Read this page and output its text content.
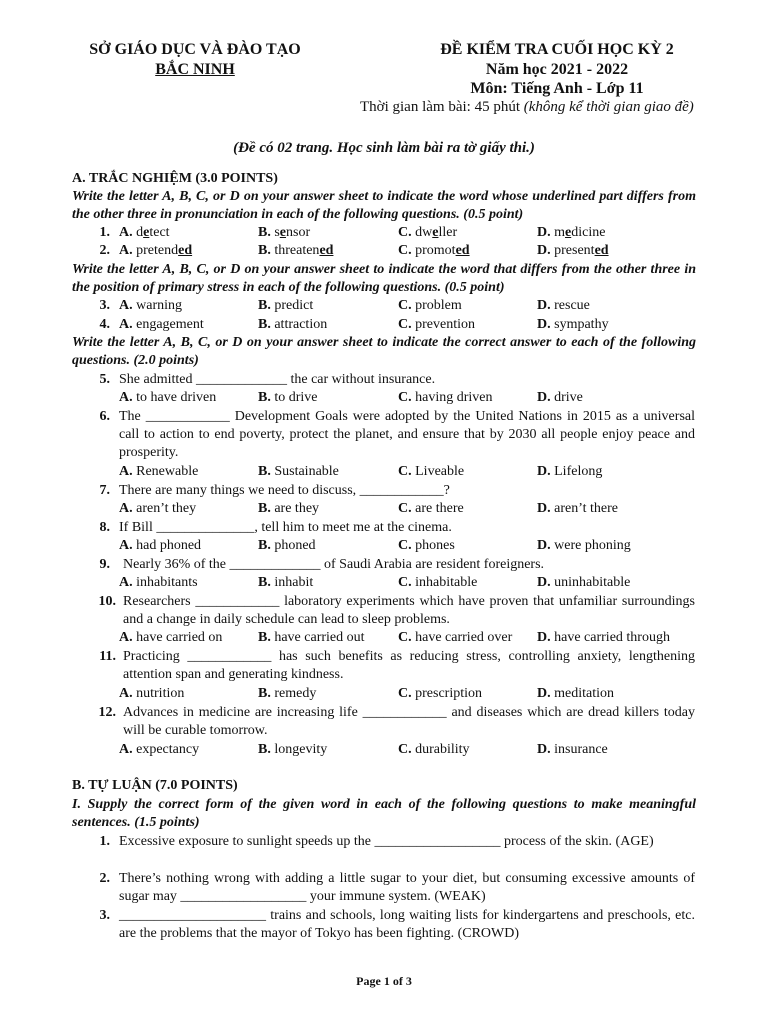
SỞ GIÁO DỤC VÀ ĐÀO TẠO
BẮC NINH
ĐỀ KIỂM TRA CUỐI HỌC KỲ 2
Năm học 2021 - 2022
Môn: Tiếng Anh - Lớp 11
Thời gian làm bài: 45 phút (không kể thời gian giao đề)
(Đề có 02 trang. Học sinh làm bài ra tờ giấy thi.)
A. TRẮC NGHIỆM (3.0 POINTS)
Write the letter A, B, C, or D on your answer sheet to indicate the word whose underlined part differs from the other three in pronunciation in each of the following questions. (0.5 point)
1. A. detect	B. sensor	C. dweller	D. medicine
2. A. pretended	B. threatened	C. promoted	D. presented
Write the letter A, B, C, or D on your answer sheet to indicate the word that differs from the other three in the position of primary stress in each of the following questions. (0.5 point)
3. A. warning	B. predict	C. problem	D. rescue
4. A. engagement	B. attraction	C. prevention	D. sympathy
Write the letter A, B, C, or D on your answer sheet to indicate the correct answer to each of the following questions. (2.0 points)
5. She admitted _____________ the car without insurance.
A. to have driven	B. to drive	C. having driven	D. drive
6. The ____________ Development Goals were adopted by the United Nations in 2015 as a universal call to action to end poverty, protect the planet, and ensure that by 2030 all people enjoy peace and prosperity.
A. Renewable	B. Sustainable	C. Liveable	D. Lifelong
7. There are many things we need to discuss, ____________?
A. aren’t they	B. are they	C. are there	D. aren’t there
8. If Bill ______________, tell him to meet me at the cinema.
A. had phoned	B. phoned	C. phones	D. were phoning
9. Nearly 36% of the _____________ of Saudi Arabia are resident foreigners.
A. inhabitants	B. inhabit	C. inhabitable	D. uninhabitable
10. Researchers ____________ laboratory experiments which have proven that unfamiliar surroundings and a change in daily schedule can lead to sleep problems.
A. have carried on	B. have carried out C. have carried over D. have carried through
11. Practicing ____________ has such benefits as reducing stress, controlling anxiety, lengthening attention span and generating kindness.
A. nutrition	B. remedy	C. prescription	D. meditation
12. Advances in medicine are increasing life ____________ and diseases which are dread killers today will be curable tomorrow.
A. expectancy	B. longevity	C. durability	D. insurance
B. TỰ LUẬN (7.0 POINTS)
I. Supply the correct form of the given word in each of the following questions to make meaningful sentences. (1.5 points)
1. Excessive exposure to sunlight speeds up the __________________ process of the skin. (AGE)
2. There’s nothing wrong with adding a little sugar to your diet, but consuming excessive amounts of sugar may __________________ your immune system. (WEAK)
3. _____________________ trains and schools, long waiting lists for kindergartens and preschools, etc. are the problems that the mayor of Tokyo has been fighting. (CROWD)
Page 1 of 3
